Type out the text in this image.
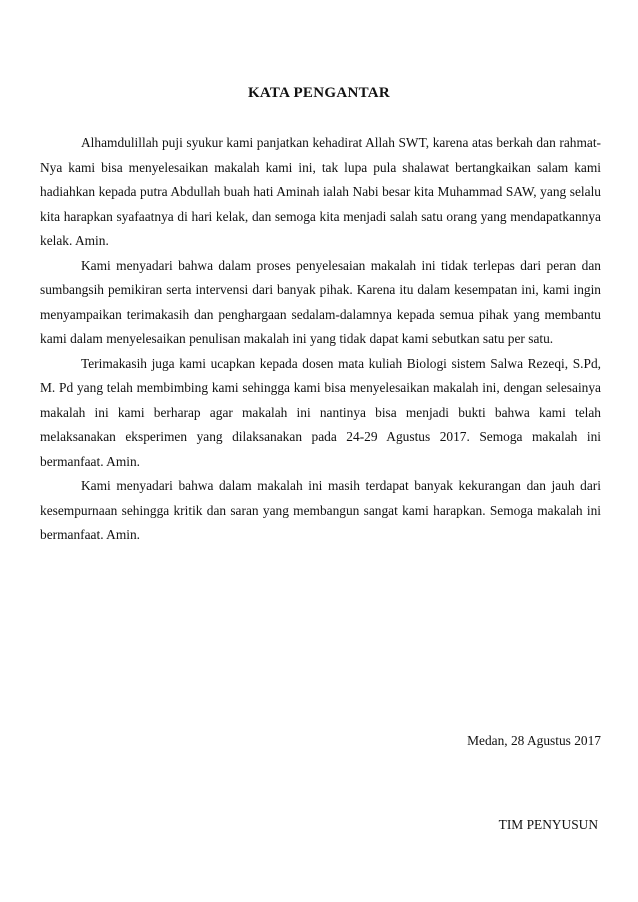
KATA PENGANTAR

Alhamdulillah puji syukur kami panjatkan kehadirat Allah SWT, karena atas berkah dan rahmat-Nya kami bisa menyelesaikan makalah kami ini, tak lupa pula shalawat bertangkaikan salam kami hadiahkan kepada putra Abdullah buah hati Aminah ialah Nabi besar kita Muhammad SAW, yang selalu kita harapkan syafaatnya di hari kelak, dan semoga kita menjadi salah satu orang yang mendapatkannya kelak. Amin.

Kami menyadari bahwa dalam proses penyelesaian makalah ini tidak terlepas dari peran dan sumbangsih pemikiran serta intervensi dari banyak pihak. Karena itu dalam kesempatan ini, kami ingin menyampaikan terimakasih dan penghargaan sedalam-dalamnya kepada semua pihak yang membantu kami dalam menyelesaikan penulisan makalah ini yang tidak dapat kami sebutkan satu per satu.

Terimakasih juga kami ucapkan kepada dosen mata kuliah Biologi sistem Salwa Rezeqi, S.Pd, M. Pd yang telah membimbing kami sehingga kami bisa menyelesaikan makalah ini, dengan selesainya makalah ini kami berharap agar makalah ini nantinya bisa menjadi bukti bahwa kami telah melaksanakan eksperimen yang dilaksanakan pada 24-29 Agustus 2017. Semoga makalah ini bermanfaat. Amin.

Kami menyadari bahwa dalam makalah ini masih terdapat banyak kekurangan dan jauh dari kesempurnaan sehingga kritik dan saran yang membangun sangat kami harapkan. Semoga makalah ini bermanfaat. Amin.

Medan, 28 Agustus 2017
TIM PENYUSUN
